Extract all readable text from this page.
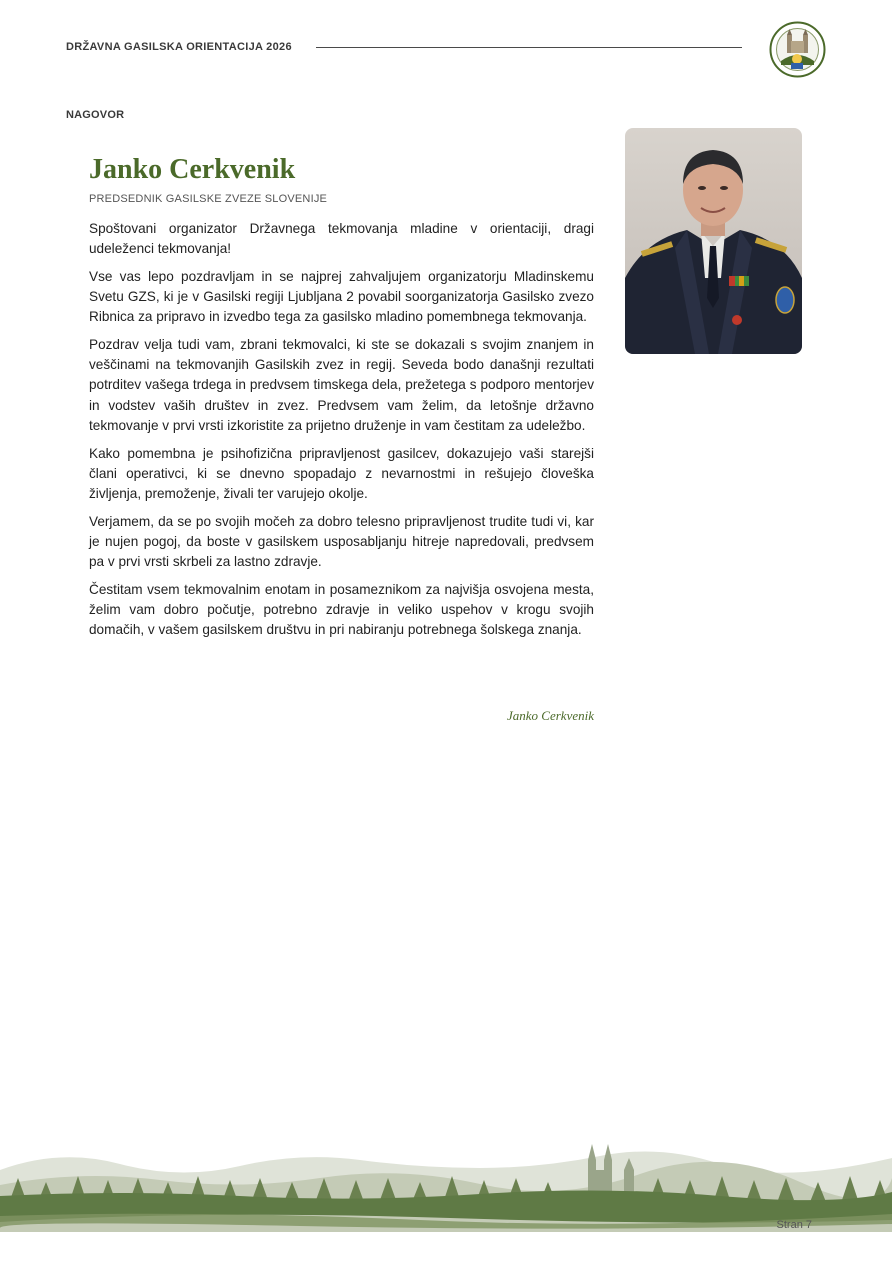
DRŽAVNA GASILSKA ORIENTACIJA 2026
NAGOVOR
Janko Cerkvenik
PREDSEDNIK GASILSKE ZVEZE SLOVENIJE

Spoštovani organizator Državnega tekmovanja mladine v orientaciji, dragi udeleženci tekmovanja!

Vse vas lepo pozdravljam in se najprej zahvaljujem organizatorju Mladinskemu Svetu GZS, ki je v Gasilski regiji Ljubljana 2 povabil soorganizatorja Gasilsko zvezo Ribnica za pripravo in izvedbo tega za gasilsko mladino pomembnega tekmovanja.

Pozdrav velja tudi vam, zbrani tekmovalci, ki ste se dokazali s svojim znanjem in veščinami na tekmovanjih Gasilskih zvez in regij. Seveda bodo današnji rezultati potrditev vašega trdega in predvsem timskega dela, prežetega s podporo mentorjev in vodstev vaših društev in zvez. Predvsem vam želim, da letošnje državno tekmovanje v prvi vrsti izkoristite za prijetno druženje in vam čestitam za udeležbo.

Kako pomembna je psihofizična pripravljenost gasilcev, dokazujejo vaši starejši člani operativci, ki se dnevno spopadajo z nevarnostmi in rešujejo človeška življenja, premoženje, živali ter varujejo okolje.

Verjamem, da se po svojih močeh za dobro telesno pripravljenost trudite tudi vi, kar je nujen pogoj, da boste v gasilskem usposabljanju hitreje napredovali, predvsem pa v prvi vrsti skrbeli za lastno zdravje.

Čestitam vsem tekmovalnim enotam in posameznikom za najvišja osvojena mesta, želim vam dobro počutje, potrebno zdravje in veliko uspehov v krogu svojih domačih, v vašem gasilskem društvu in pri nabiranju potrebnega šolskega znanja.

Janko Cerkvenik
Stran 7
